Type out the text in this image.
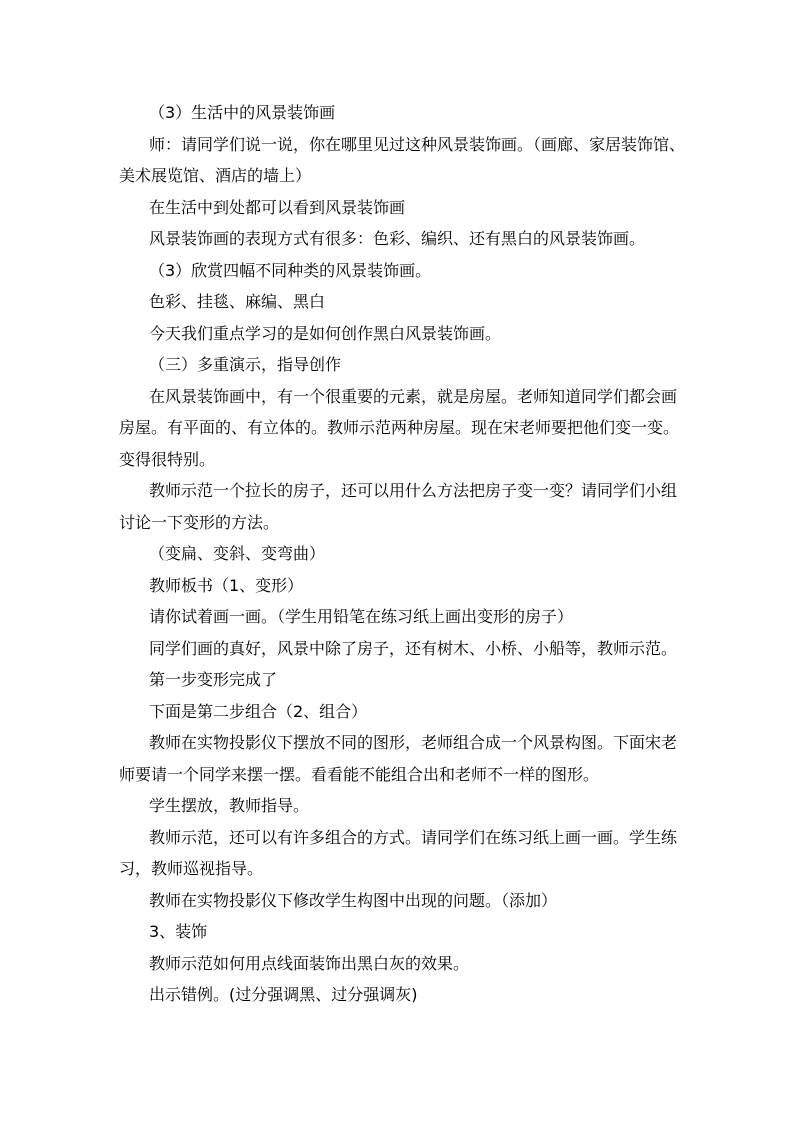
（3）生活中的风景装饰画

师：请同学们说一说，你在哪里见过这种风景装饰画。（画廊、家居装饰馆、

美术展览馆、酒店的墙上）

在生活中到处都可以看到风景装饰画

风景装饰画的表现方式有很多：色彩、编织、还有黑白的风景装饰画。

（3）欣赏四幅不同种类的风景装饰画。

色彩、挂毯、麻编、黑白

今天我们重点学习的是如何创作黑白风景装饰画。

（三）多重演示，指导创作

在风景装饰画中，有一个很重要的元素，就是房屋。老师知道同学们都会画

房屋。有平面的、有立体的。教师示范两种房屋。现在宋老师要把他们变一变。

变得很特别。

教师示范一个拉长的房子，还可以用什么方法把房子变一变？请同学们小组

讨论一下变形的方法。

（变扁、变斜、变弯曲）

教师板书（1、变形）

请你试着画一画。（学生用铅笔在练习纸上画出变形的房子）

同学们画的真好，风景中除了房子，还有树木、小桥、小船等，教师示范。

第一步变形完成了

下面是第二步组合（2、组合）

教师在实物投影仪下摆放不同的图形，老师组合成一个风景构图。下面宋老

师要请一个同学来摆一摆。看看能不能组合出和老师不一样的图形。

学生摆放，教师指导。

教师示范，还可以有许多组合的方式。请同学们在练习纸上画一画。学生练

习，教师巡视指导。

教师在实物投影仪下修改学生构图中出现的问题。（添加）

3、装饰

教师示范如何用点线面装饰出黑白灰的效果。

出示错例。(过分强调黑、过分强调灰)
